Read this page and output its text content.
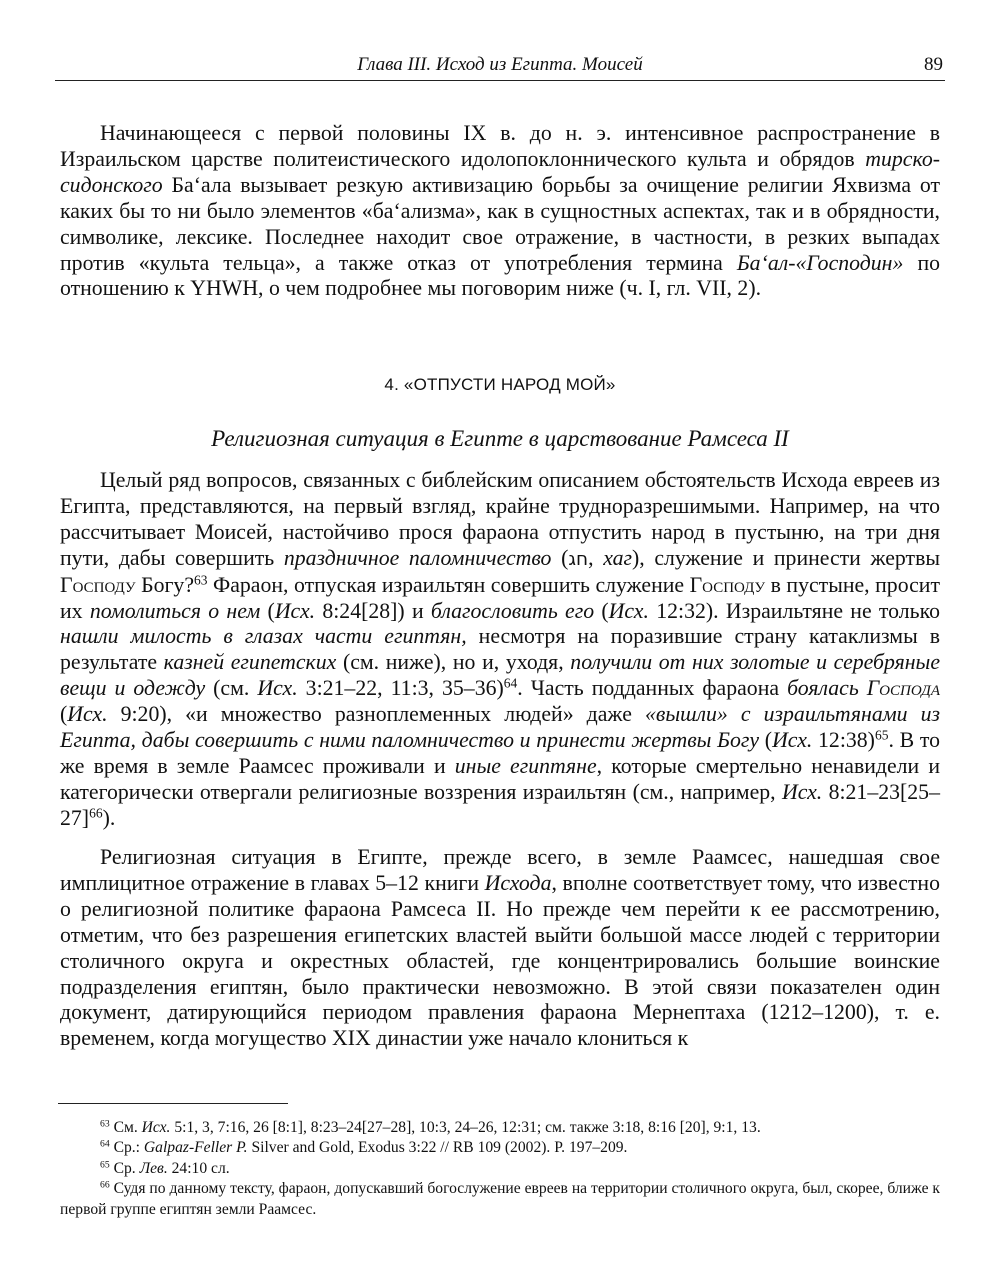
Глава III. Исход из Египта. Моисей	89

Начинающееся с первой половины IX в. до н. э. интенсивное распространение в Израильском царстве политеистического идолопоклоннического культа и обрядов тирско-сидонского Ба‘ала вызывает резкую активизацию борьбы за очищение религии Яхвизма от каких бы то ни было элементов «ба‘ализма», как в сущностных аспектах, так и в обрядности, символике, лексике. Последнее находит свое отражение, в частности, в резких выпадах против «культа тельца», а также отказ от употребления термина Ба‘ал-«Господин» по отношению к YHWH, о чем подробнее мы поговорим ниже (ч. I, гл. VII, 2).

4. «ОТПУСТИ НАРОД МОЙ»
Религиозная ситуация в Египте в царствование Рамсеса II

Целый ряд вопросов, связанных с библейским описанием обстоятельств Исхода евреев из Египта, представляются, на первый взгляд, крайне трудноразрешимыми. Например, на что рассчитывает Моисей, настойчиво прося фараона отпустить народ в пустыню, на три дня пути, дабы совершить праздничное паломничество (חג, хаг), служение и принести жертвы Господу Богу?$^{63}$ Фараон, отпуская израильтян совершить служение Господу в пустыне, просит их помолиться о нем (Исх. 8:24[28]) и благословить его (Исх. 12:32). Израильтяне не только нашли милость в глазах части египтян, несмотря на поразившие страну катаклизмы в результате казней египетских (см. ниже), но и, уходя, получили от них золотые и серебряные вещи и одежду (см. Исх. 3:21–22, 11:3, 35–36)$^{64}$. Часть подданных фараона боялась Господа (Исх. 9:20), «и множество разноплеменных людей» даже «вышли» с израильтянами из Египта, дабы совершить с ними паломничество и принести жертвы Богу (Исх. 12:38)$^{65}$. В то же время в земле Раамсес проживали и иные египтяне, которые смертельно ненавидели и категорически отвергали религиозные воззрения израильтян (см., например, Исх. $8:21-23[25-27]^{66}$).

Религиозная ситуация в Египте, прежде всего, в земле Раамсес, нашедшая свое имплицитное отражение в главах 5–12 книги Исхода, вполне соответствует тому, что известно о религиозной политике фараона Рамсеса II. Но прежде чем перейти к ее рассмотрению, отметим, что без разрешения египетских властей выйти большой массе людей с территории столичного округа и окрестных областей, где концентрировались большие воинские подразделения египтян, было практически невозможно. В этой связи показателен один документ, датирующийся периодом правления фараона Мернептаха (1212–1200), т. е. временем, когда могущество XIX династии уже начало клониться к

$^{63}$ См. Исх. 5:1, 3, 7:16, 26 [8:1], 8:23–24[27–28], 10:3, 24–26, 12:31; см. также 3:18, 8:16 [20], 9:1, 13.

$^{64}$ Ср.: Galpaz-Feller P. Silver and Gold, Exodus 3:22 // RB 109 (2002). P. 197–209.

$^{65}$ Ср. Лев. 24:10 сл.

$^{66}$ Судя по данному тексту, фараон, допускавший богослужение евреев на территории столичного округа, был, скорее, ближе к первой группе египтян земли Раамсес.
